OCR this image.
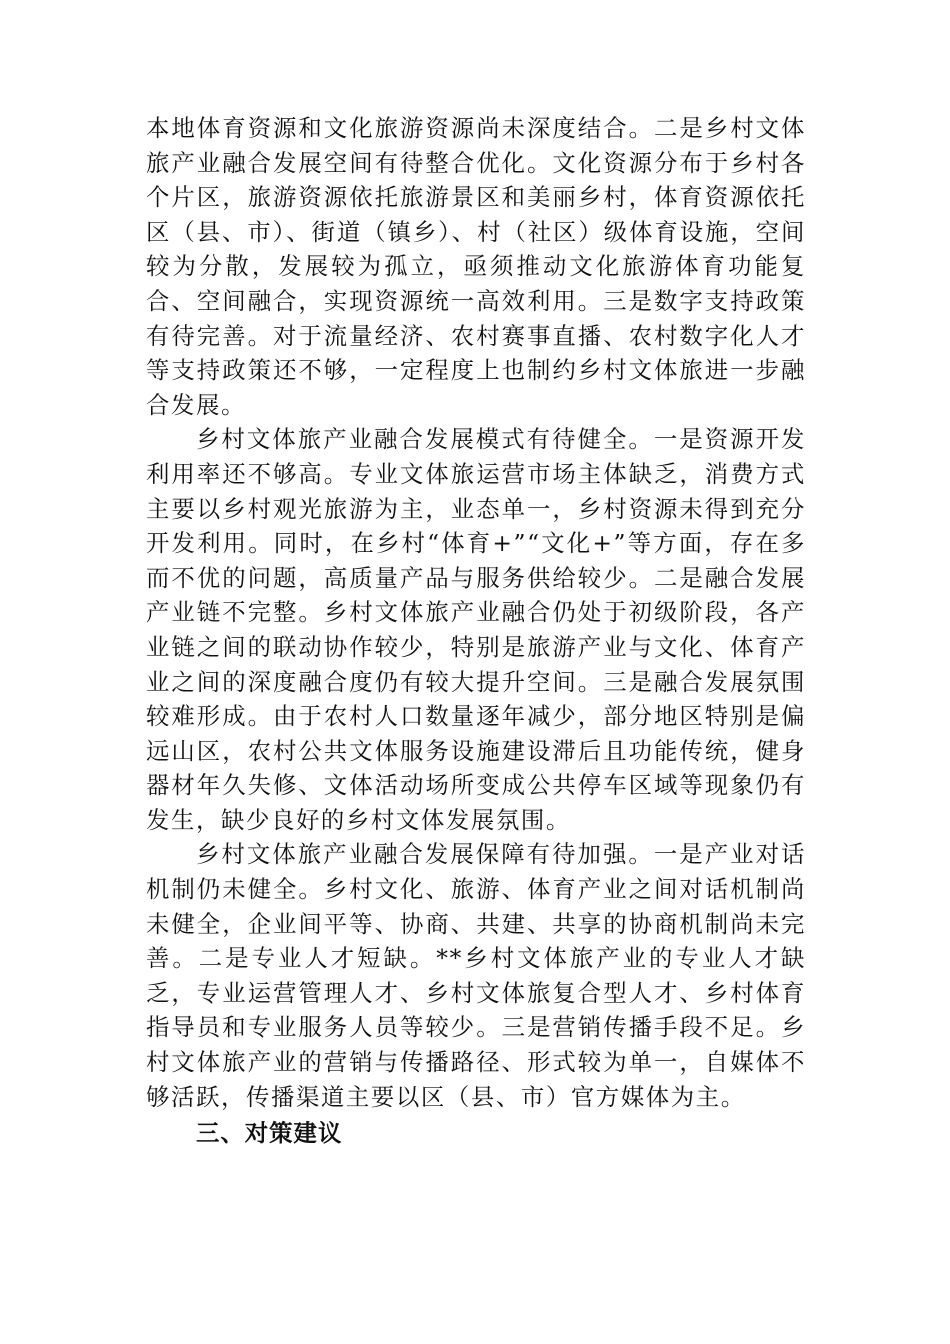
本地体育资源和文化旅游资源尚未深度结合。二是乡村文体旅产业融合发展空间有待整合优化。文化资源分布于乡村各个片区，旅游资源依托旅游景区和美丽乡村，体育资源依托区（县、市）、街道（镇乡）、村（社区）级体育设施，空间较为分散，发展较为孤立，亟须推动文化旅游体育功能复合、空间融合，实现资源统一高效利用。三是数字支持政策有待完善。对于流量经济、农村赛事直播、农村数字化人才等支持政策还不够，一定程度上也制约乡村文体旅进一步融合发展。

乡村文体旅产业融合发展模式有待健全。一是资源开发利用率还不够高。专业文体旅运营市场主体缺乏，消费方式主要以乡村观光旅游为主，业态单一，乡村资源未得到充分开发利用。同时，在乡村“体育+”“文化+”等方面，存在多而不优的问题，高质量产品与服务供给较少。二是融合发展产业链不完整。乡村文体旅产业融合仍处于初级阶段，各产业链之间的联动协作较少，特别是旅游产业与文化、体育产业之间的深度融合度仍有较大提升空间。三是融合发展氛围较难形成。由于农村人口数量逐年减少，部分地区特别是偏远山区，农村公共文体服务设施建设滞后且功能传统，健身器材年久失修、文体活动场所变成公共停车区域等现象仍有发生，缺少良好的乡村文体发展氛围。

乡村文体旅产业融合发展保障有待加强。一是产业对话机制仍未健全。乡村文化、旅游、体育产业之间对话机制尚未健全，企业间平等、协商、共建、共享的协商机制尚未完善。二是专业人才短缺。**乡村文体旅产业的专业人才缺乏，专业运营管理人才、乡村文体旅复合型人才、乡村体育指导员和专业服务人员等较少。三是营销传播手段不足。乡村文体旅产业的营销与传播路径、形式较为单一，自媒体不够活跃，传播渠道主要以区（县、市）官方媒体为主。

三、对策建议
